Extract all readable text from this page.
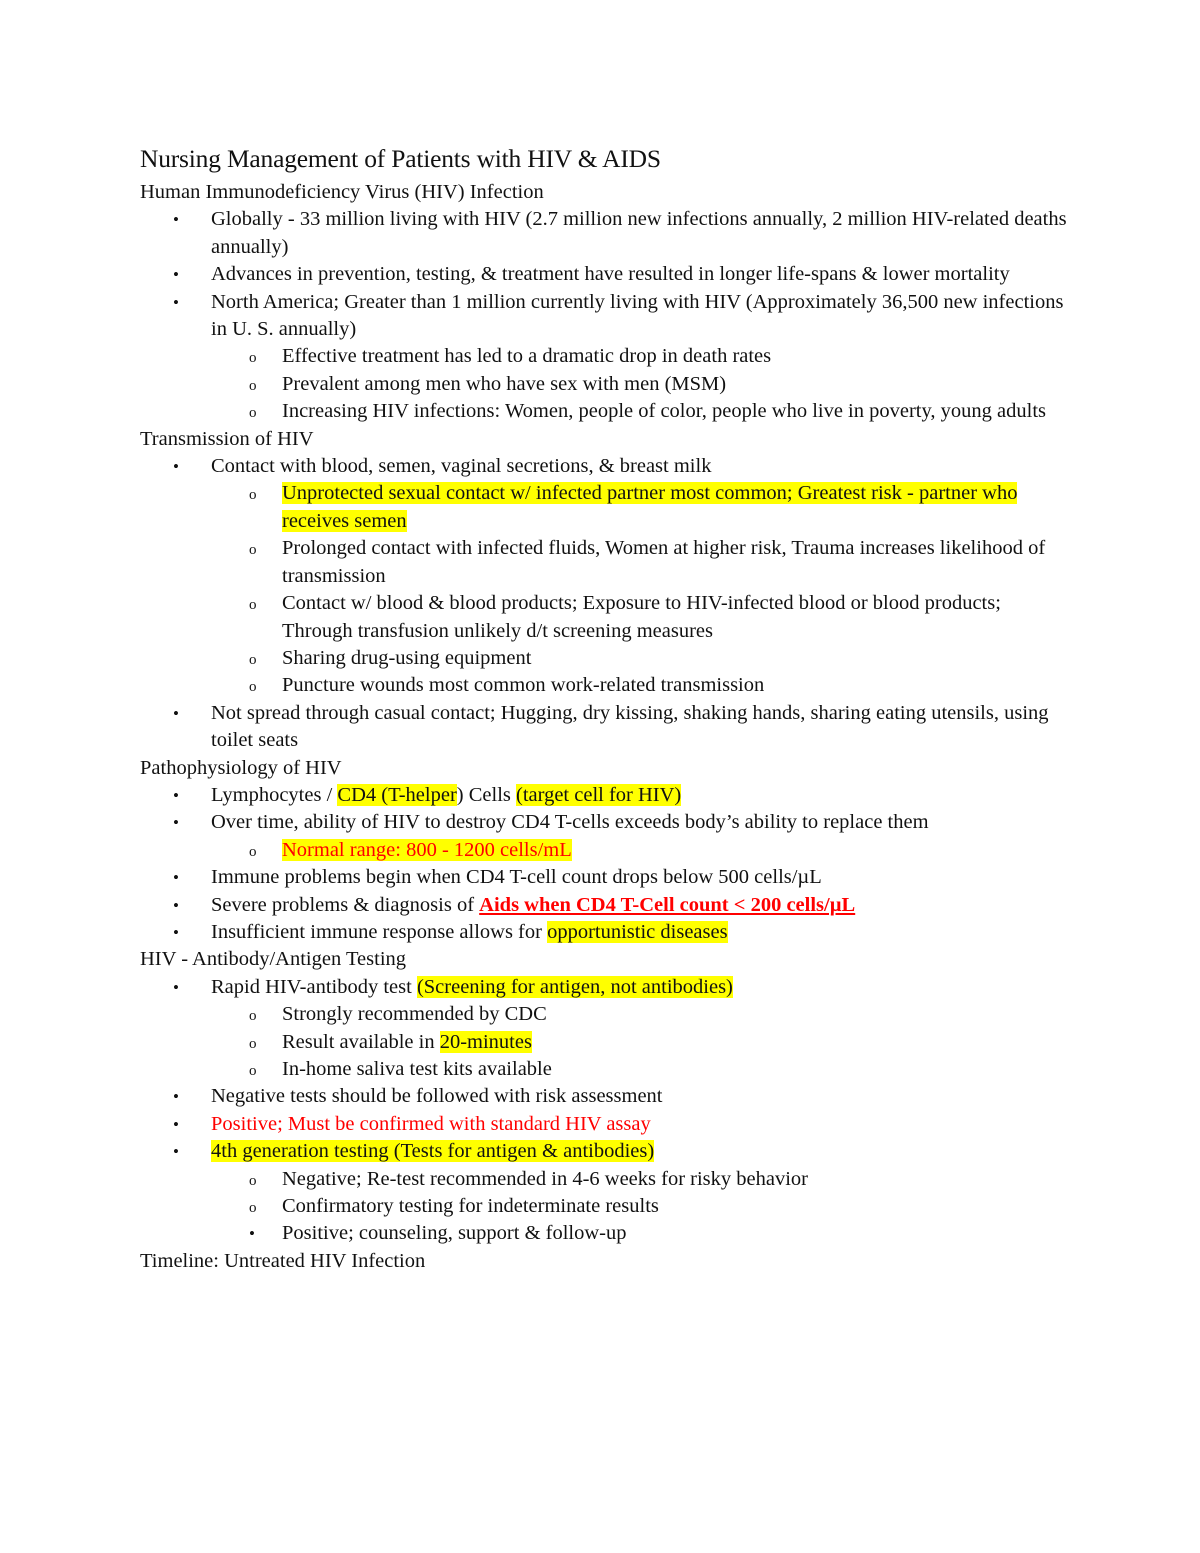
Nursing Management of Patients with HIV & AIDS
Human Immunodeficiency Virus (HIV) Infection
• Globally - 33 million living with HIV (2.7 million new infections annually, 2 million HIV-related deaths annually)
• Advances in prevention, testing, & treatment have resulted in longer life-spans & lower mortality
• North America; Greater than 1 million currently living with HIV (Approximately 36,500 new infections in U. S. annually)
o Effective treatment has led to a dramatic drop in death rates
o Prevalent among men who have sex with men (MSM)
o Increasing HIV infections: Women, people of color, people who live in poverty, young adults
Transmission of HIV
• Contact with blood, semen, vaginal secretions, & breast milk
o Unprotected sexual contact w/ infected partner most common; Greatest risk - partner who receives semen
o Prolonged contact with infected fluids, Women at higher risk, Trauma increases likelihood of transmission
o Contact w/ blood & blood products; Exposure to HIV-infected blood or blood products; Through transfusion unlikely d/t screening measures
o Sharing drug-using equipment
o Puncture wounds most common work-related transmission
• Not spread through casual contact; Hugging, dry kissing, shaking hands, sharing eating utensils, using toilet seats
Pathophysiology of HIV
• Lymphocytes / CD4 (T-helper) Cells (target cell for HIV)
• Over time, ability of HIV to destroy CD4 T-cells exceeds body’s ability to replace them
o Normal range: 800 - 1200 cells/mL
• Immune problems begin when CD4 T-cell count drops below 500 cells/µL
• Severe problems & diagnosis of Aids when CD4 T-Cell count < 200 cells/µL
• Insufficient immune response allows for opportunistic diseases
HIV - Antibody/Antigen Testing
• Rapid HIV-antibody test (Screening for antigen, not antibodies)
o Strongly recommended by CDC
o Result available in 20-minutes
o In-home saliva test kits available
• Negative tests should be followed with risk assessment
• Positive; Must be confirmed with standard HIV assay
• 4th generation testing (Tests for antigen & antibodies)
o Negative; Re-test recommended in 4-6 weeks for risky behavior
o Confirmatory testing for indeterminate results
• Positive; counseling, support & follow-up
Timeline: Untreated HIV Infection
